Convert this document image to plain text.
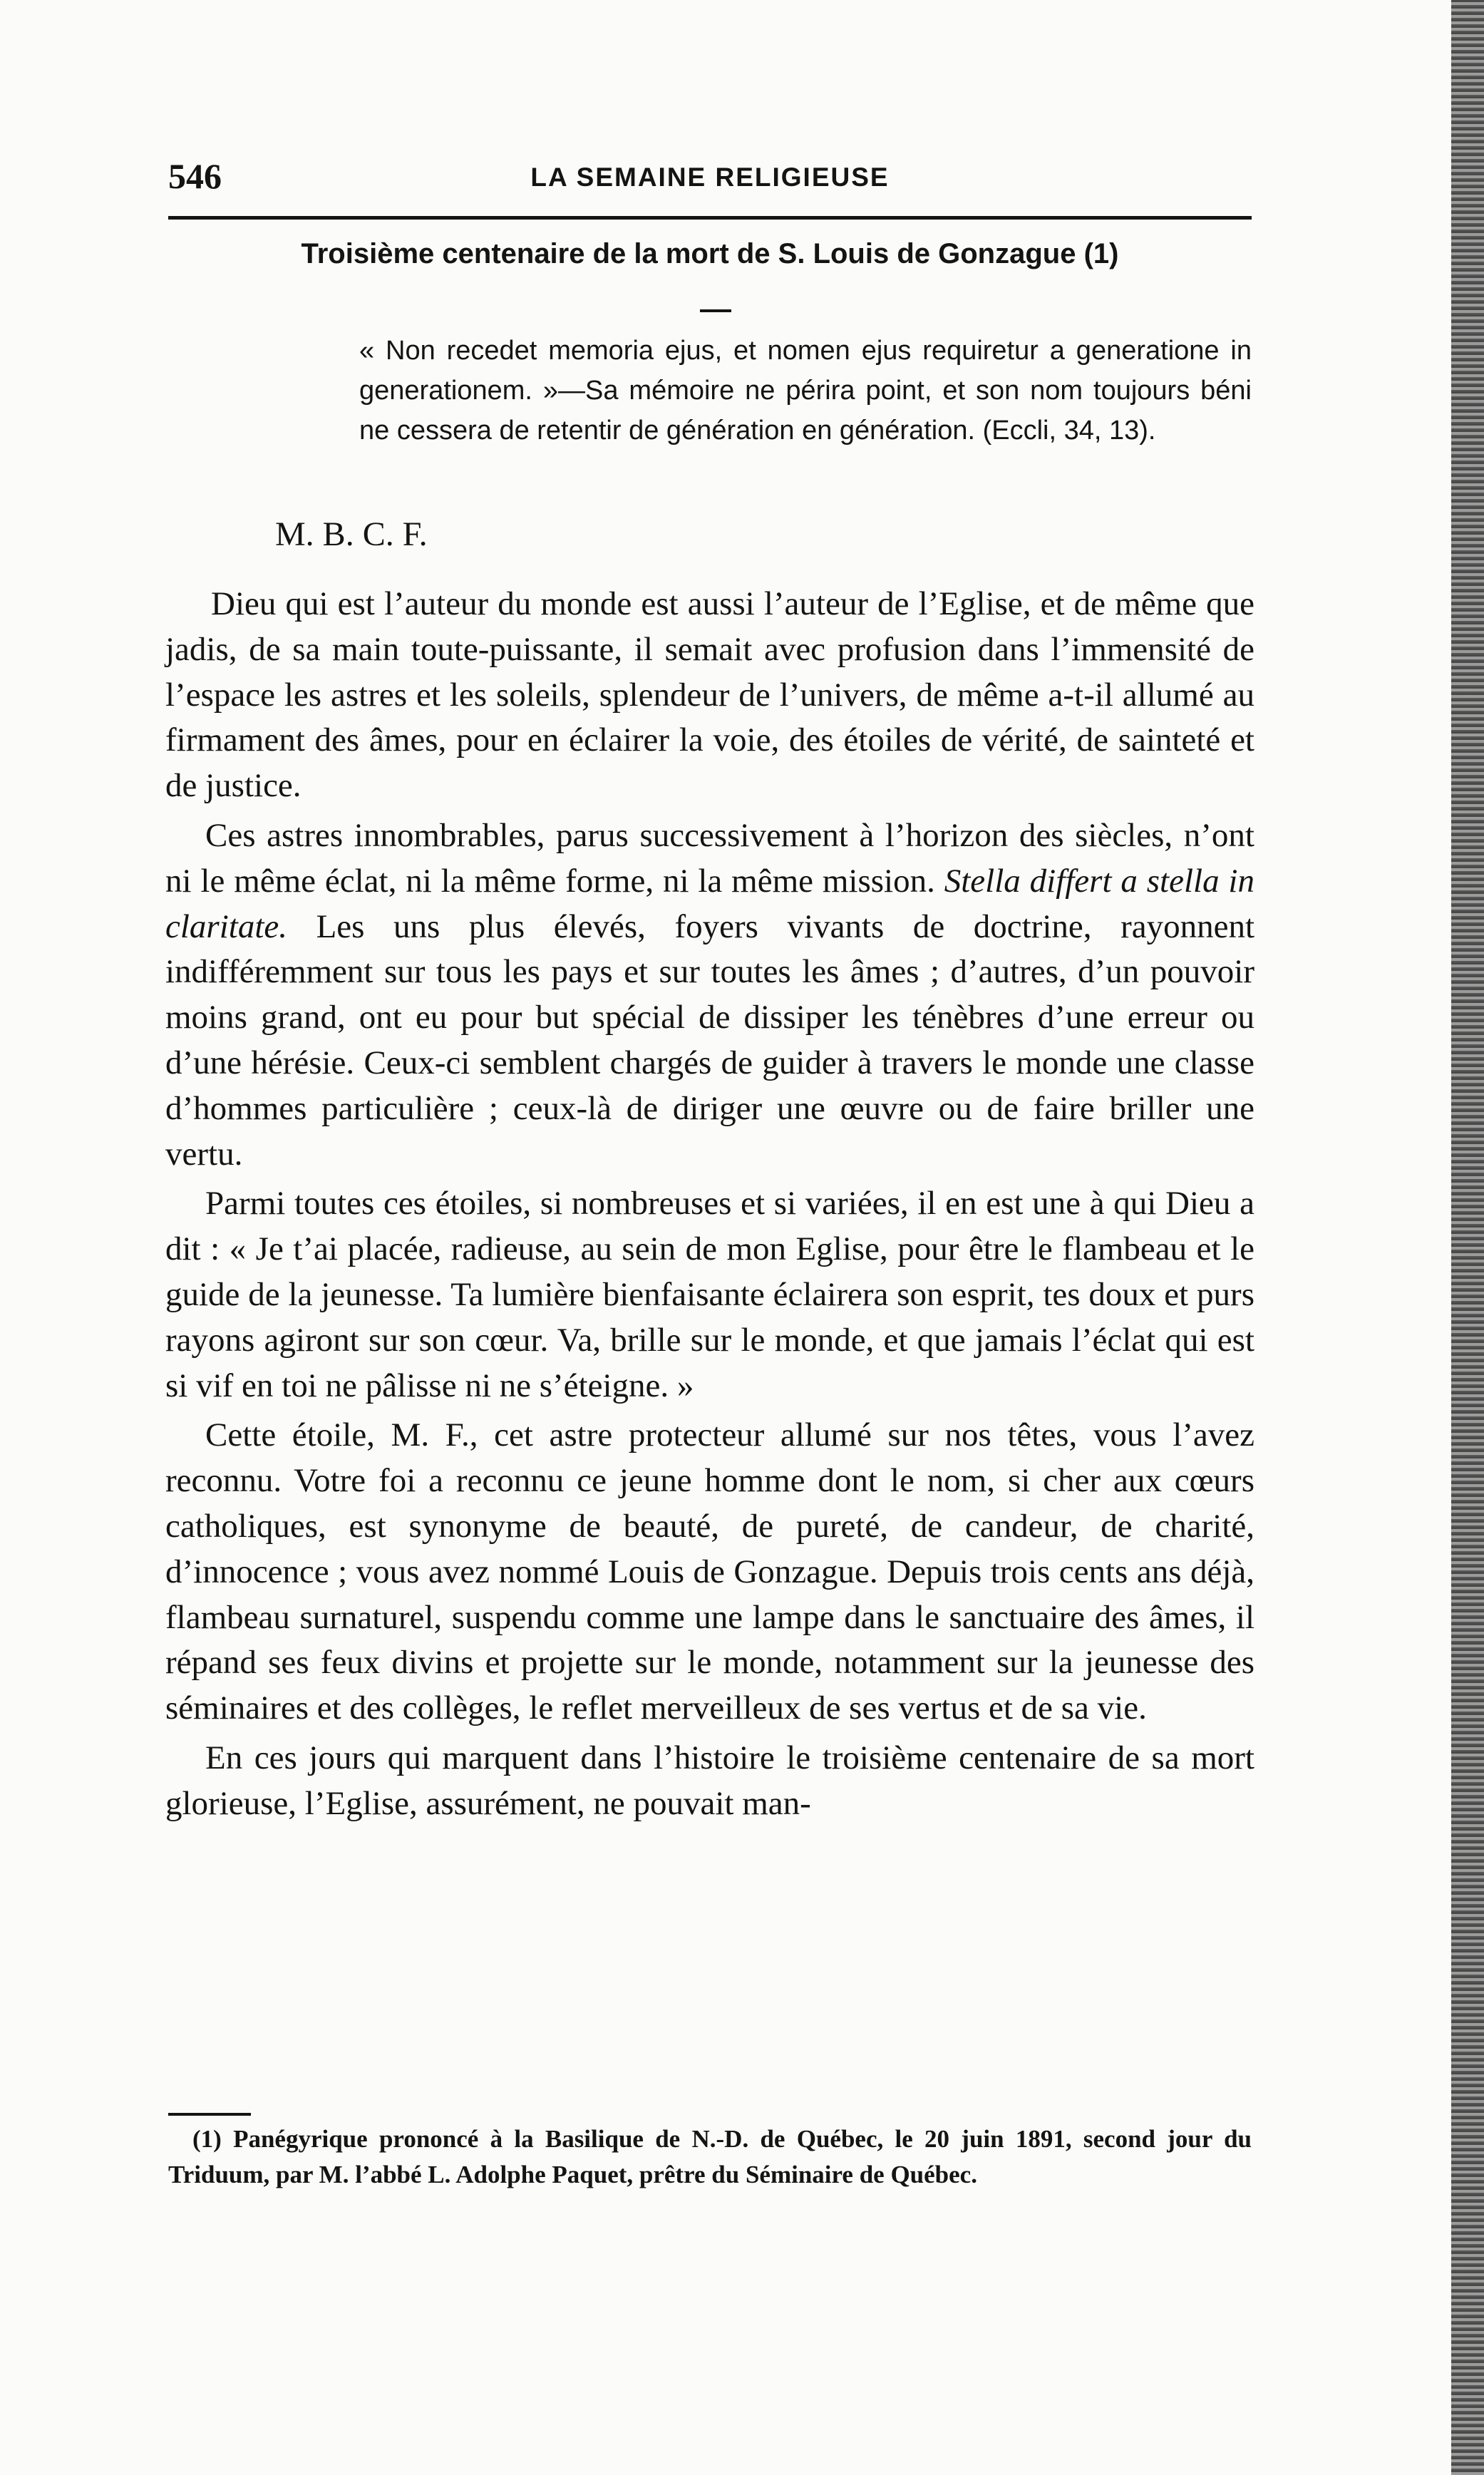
546	LA SEMAINE RELIGIEUSE
Troisième centenaire de la mort de S. Louis de Gonzague (1)
« Non recedet memoria ejus, et nomen ejus requiretur a generatione in generationem. »—Sa mémoire ne périra point, et son nom toujours béni ne cessera de retentir de génération en génération. (Eccli, 34, 13).
M. B. C. F.

Dieu qui est l’auteur du monde est aussi l’auteur de l’Eglise, et de même que jadis, de sa main toute-puissante, il semait avec profusion dans l’immensité de l’espace les astres et les soleils, splendeur de l’univers, de même a-t-il allumé au firmament des âmes, pour en éclairer la voie, des étoiles de vérité, de sainteté et de justice.

Ces astres innombrables, parus successivement à l’horizon des siècles, n’ont ni le même éclat, ni la même forme, ni la même mission. Stella differt a stella in claritate. Les uns plus élevés, foyers vivants de doctrine, rayonnent indifféremment sur tous les pays et sur toutes les âmes ; d’autres, d’un pouvoir moins grand, ont eu pour but spécial de dissiper les ténèbres d’une erreur ou d’une hérésie. Ceux-ci semblent chargés de guider à travers le monde une classe d’hommes particulière ; ceux-là de diriger une œuvre ou de faire briller une vertu.

Parmi toutes ces étoiles, si nombreuses et si variées, il en est une à qui Dieu a dit : « Je t’ai placée, radieuse, au sein de mon Eglise, pour être le flambeau et le guide de la jeunesse. Ta lumière bienfaisante éclairera son esprit, tes doux et purs rayons agiront sur son cœur. Va, brille sur le monde, et que jamais l’éclat qui est si vif en toi ne pâlisse ni ne s’éteigne. »

Cette étoile, M. F., cet astre protecteur allumé sur nos têtes, vous l’avez reconnu. Votre foi a reconnu ce jeune homme dont le nom, si cher aux cœurs catholiques, est synonyme de beauté, de pureté, de candeur, de charité, d’innocence ; vous avez nommé Louis de Gonzague. Depuis trois cents ans déjà, flambeau surnaturel, suspendu comme une lampe dans le sanctuaire des âmes, il répand ses feux divins et projette sur le monde, notamment sur la jeunesse des séminaires et des collèges, le reflet merveilleux de ses vertus et de sa vie.

En ces jours qui marquent dans l’histoire le troisième centenaire de sa mort glorieuse, l’Eglise, assurément, ne pouvait man-

(1) Panégyrique prononcé à la Basilique de N.-D. de Québec, le 20 juin 1891, second jour du Triduum, par M. l’abbé L. Adolphe Paquet, prêtre du Séminaire de Québec.
